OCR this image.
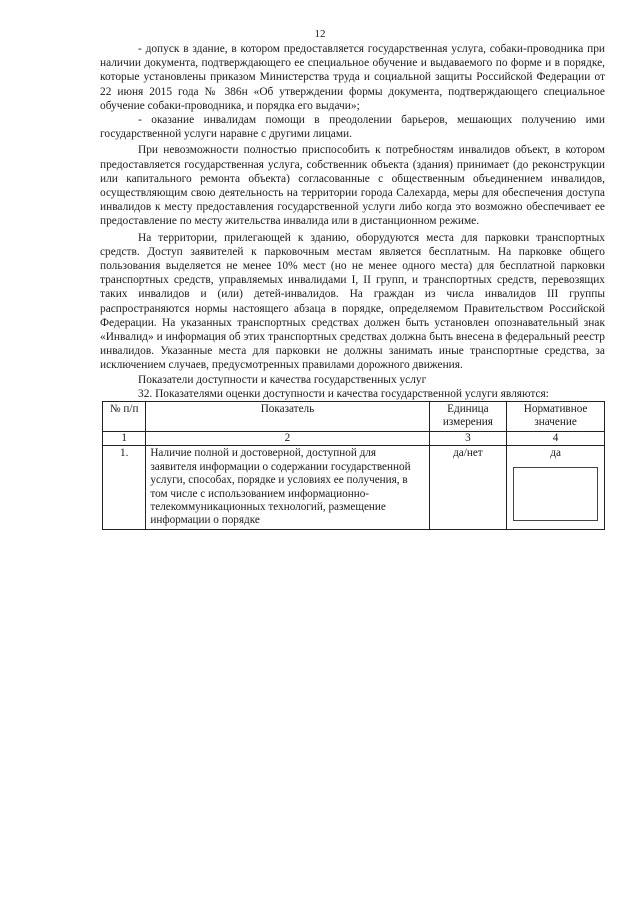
12

- допуск в здание, в котором предоставляется государственная услуга, собаки-проводника при наличии документа, подтверждающего ее специальное обучение и выдаваемого по форме и в порядке, которые установлены приказом Министерства труда и социальной защиты Российской Федерации от 22 июня 2015 года № 386н «Об утверждении формы документа, подтверждающего специальное обучение собаки-проводника, и порядка его выдачи»;

- оказание инвалидам помощи в преодолении барьеров, мешающих получению ими государственной услуги наравне с другими лицами.

При невозможности полностью приспособить к потребностям инвалидов объект, в котором предоставляется государственная услуга, собственник объекта (здания) принимает (до реконструкции или капитального ремонта объекта) согласованные с общественным объединением инвалидов, осуществляющим свою деятельность на территории города Салехарда, меры для обеспечения доступа инвалидов к месту предоставления государственной услуги либо когда это возможно обеспечивает ее предоставление по месту жительства инвалида или в дистанционном режиме.

На территории, прилегающей к зданию, оборудуются места для парковки транспортных средств. Доступ заявителей к парковочным местам является бесплатным. На парковке общего пользования выделяется не менее 10% мест (но не менее одного места) для бесплатной парковки транспортных средств, управляемых инвалидами I, II групп, и транспортных средств, перевозящих таких инвалидов и (или) детей-инвалидов. На граждан из числа инвалидов III группы распространяются нормы настоящего абзаца в порядке, определяемом Правительством Российской Федерации. На указанных транспортных средствах должен быть установлен опознавательный знак «Инвалид» и информация об этих транспортных средствах должна быть внесена в федеральный реестр инвалидов. Указанные места для парковки не должны занимать иные транспортные средства, за исключением случаев, предусмотренных правилами дорожного движения.

Показатели доступности и качества государственных услуг

32. Показателями оценки доступности и качества государственной услуги являются:

№ п/п	Показатель	Единица измерения	Нормативное значение
1	2	3	4
1.	Наличие полной и достоверной, доступной для заявителя информации о содержании государственной услуги, способах, порядке и условиях ее получения, в том числе с использованием информационно-телекоммуникационных технологий, размещение информации о порядке	да/нет	да
